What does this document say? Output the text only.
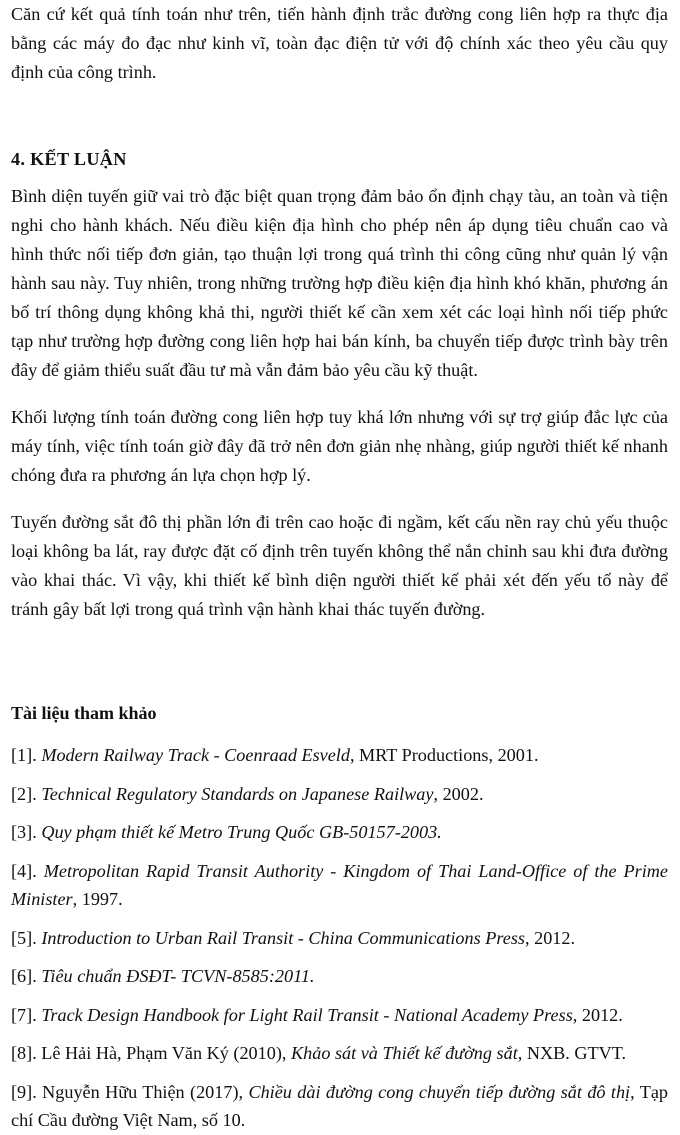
Căn cứ kết quả tính toán như trên, tiến hành định trắc đường cong liên hợp ra thực địa bằng các máy đo đạc như kinh vĩ, toàn đạc điện tử với độ chính xác theo yêu cầu quy định của công trình.

4. KẾT LUẬN

Bình diện tuyến giữ vai trò đặc biệt quan trọng đảm bảo ổn định chạy tàu, an toàn và tiện nghi cho hành khách. Nếu điều kiện địa hình cho phép nên áp dụng tiêu chuẩn cao và hình thức nối tiếp đơn giản, tạo thuận lợi trong quá trình thi công cũng như quản lý vận hành sau này. Tuy nhiên, trong những trường hợp điều kiện địa hình khó khăn, phương án bố trí thông dụng không khả thi, người thiết kế cần xem xét các loại hình nối tiếp phức tạp như trường hợp đường cong liên hợp hai bán kính, ba chuyển tiếp được trình bày trên đây để giảm thiểu suất đầu tư mà vẫn đảm bảo yêu cầu kỹ thuật.

Khối lượng tính toán đường cong liên hợp tuy khá lớn nhưng với sự trợ giúp đắc lực của máy tính, việc tính toán giờ đây đã trở nên đơn giản nhẹ nhàng, giúp người thiết kế nhanh chóng đưa ra phương án lựa chọn hợp lý.

Tuyến đường sắt đô thị phần lớn đi trên cao hoặc đi ngầm, kết cấu nền ray chủ yếu thuộc loại không ba lát, ray được đặt cố định trên tuyến không thể nắn chỉnh sau khi đưa đường vào khai thác. Vì vậy, khi thiết kế bình diện người thiết kế phải xét đến yếu tố này để tránh gây bất lợi trong quá trình vận hành khai thác tuyến đường.

Tài liệu tham khảo
[1]. Modern Railway Track - Coenraad Esveld, MRT Productions, 2001.
[2]. Technical Regulatory Standards on Japanese Railway, 2002.
[3]. Quy phạm thiết kế Metro Trung Quốc GB-50157-2003.
[4]. Metropolitan Rapid Transit Authority - Kingdom of Thai Land-Office of the Prime Minister, 1997.
[5]. Introduction to Urban Rail Transit - China Communications Press, 2012.
[6]. Tiêu chuẩn ĐSĐT- TCVN-8585:2011.
[7]. Track Design Handbook for Light Rail Transit - National Academy Press, 2012.
[8]. Lê Hải Hà, Phạm Văn Ký (2010), Khảo sát và Thiết kế đường sắt, NXB. GTVT.
[9]. Nguyễn Hữu Thiện (2017), Chiều dài đường cong chuyển tiếp đường sắt đô thị, Tạp chí Cầu đường Việt Nam, số 10.
